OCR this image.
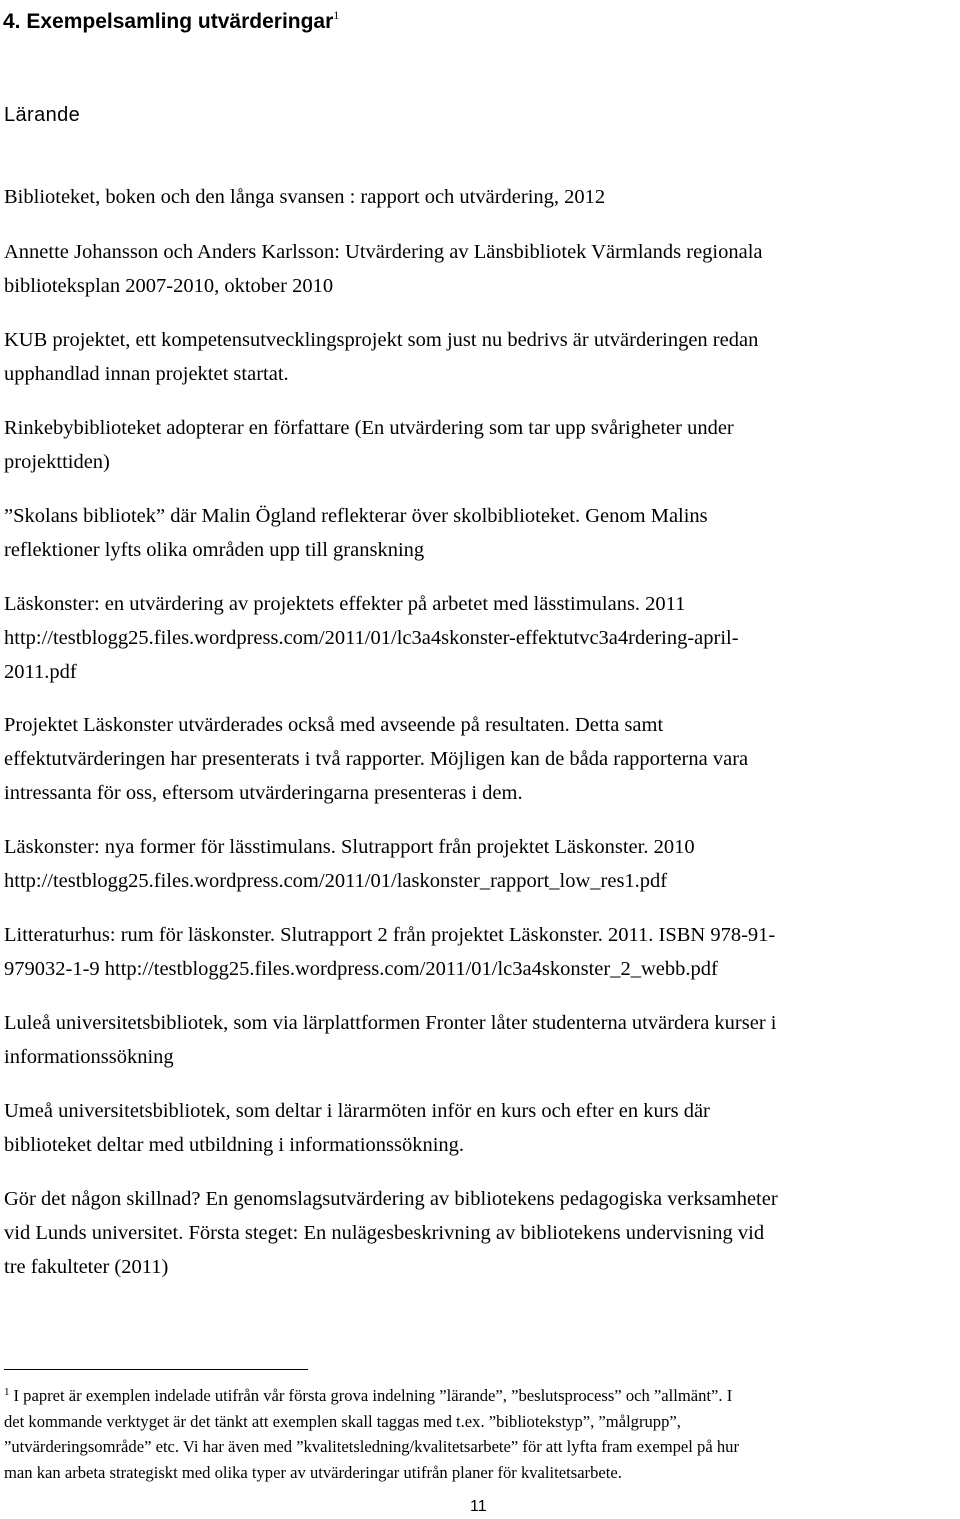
4. Exempelsamling utvärderingar$^1$

Lärande

Biblioteket, boken och den långa svansen : rapport och utvärdering, 2012

Annette Johansson och Anders Karlsson: Utvärdering av Länsbibliotek Värmlands regionala
biblioteksplan 2007-2010, oktober 2010

KUB projektet, ett kompetensutvecklingsprojekt som just nu bedrivs är utvärderingen redan
upphandlad innan projektet startat.

Rinkebybiblioteket adopterar en författare (En utvärdering som tar upp svårigheter under
projekttiden)

”Skolans bibliotek” där Malin Ögland reflekterar över skolbiblioteket. Genom Malins
reflektioner lyfts olika områden upp till granskning

Läskonster: en utvärdering av projektets effekter på arbetet med lässtimulans. 2011
http://testblogg25.files.wordpress.com/2011/01/lc3a4skonster-effektutvc3a4rdering-april-
2011.pdf

Projektet Läskonster utvärderades också med avseende på resultaten. Detta samt
effektutvärderingen har presenterats i två rapporter. Möjligen kan de båda rapporterna vara
intressanta för oss, eftersom utvärderingarna presenteras i dem.

Läskonster: nya former för lässtimulans. Slutrapport från projektet Läskonster. 2010
http://testblogg25.files.wordpress.com/2011/01/laskonster_rapport_low_res1.pdf

Litteraturhus: rum för läskonster. Slutrapport 2 från projektet Läskonster. 2011. ISBN 978-91-
979032-1-9 http://testblogg25.files.wordpress.com/2011/01/lc3a4skonster_2_webb.pdf

Luleå universitetsbibliotek, som via lärplattformen Fronter låter studenterna utvärdera kurser i
informationssökning

Umeå universitetsbibliotek, som deltar i lärarmöten inför en kurs och efter en kurs där
biblioteket deltar med utbildning i informationssökning.

Gör det någon skillnad? En genomslagsutvärdering av bibliotekens pedagogiska verksamheter
vid Lunds universitet. Första steget: En nulägesbeskrivning av bibliotekens undervisning vid
tre fakulteter (2011)

$^1$ I papret är exemplen indelade utifrån vår första grova indelning ”lärande”, ”beslutsprocess” och ”allmänt”. I
det kommande verktyget är det tänkt att exemplen skall taggas med t.ex. ”bibliotekstyp”, ”målgrupp”,
”utvärderingsområde” etc. Vi har även med ”kvalitetsledning/kvalitetsarbete” för att lyfta fram exempel på hur
man kan arbeta strategiskt med olika typer av utvärderingar utifrån planer för kvalitetsarbete.

11
